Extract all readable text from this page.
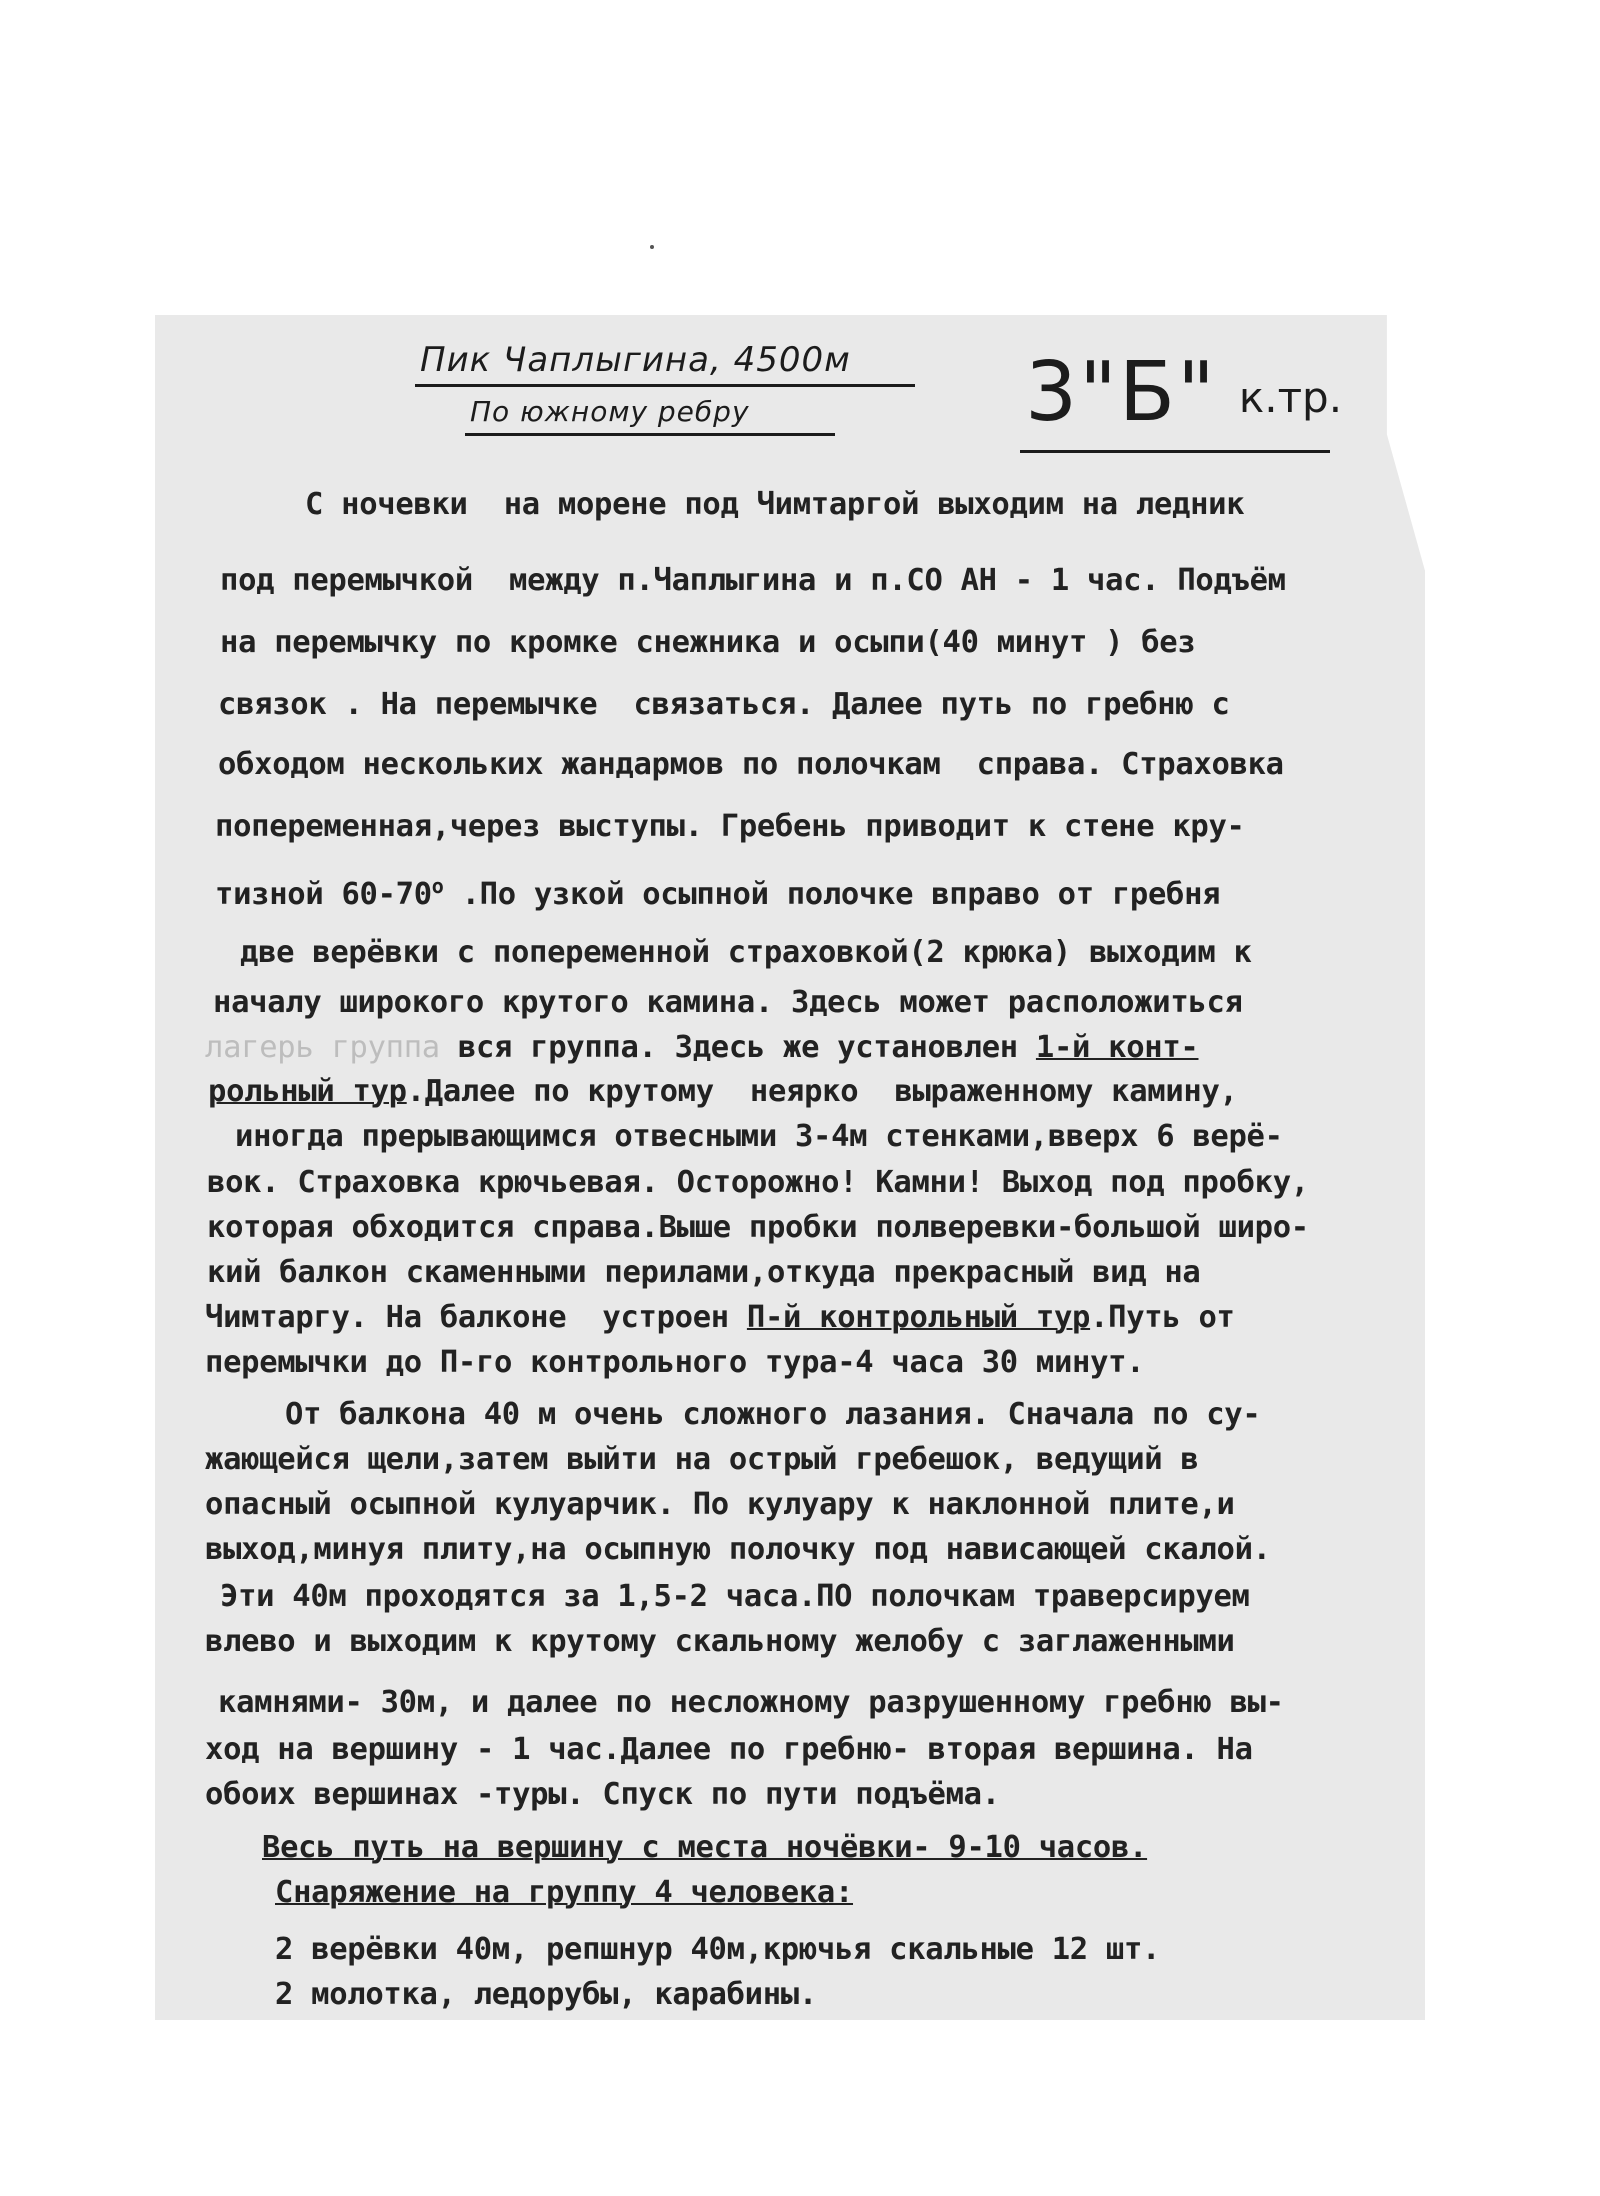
Пик Чаплыгина, 4500м
По южному ребру	3"Б" к.тр.
С ночевки  на морене под Чимтаргой выходим на ледник
под перемычкой  между п.Чаплыгина и п.СО АН - 1 час. Подъём
на перемычку по кромке снежника и осыпи(40 минут ) без
связок . На перемычке  связаться. Далее путь по гребню с
обходом нескольких жандармов по полочкам  справа. Страховка
попеременная,через выступы. Гребень приводит к стене кру-
тизной $60-70^о$ .По узкой осыпной полочке вправо от гребня
две верёвки с попеременной страховкой(2 крюка) выходим к
началу широкого крутого камина. Здесь может расположиться
лагерь группа вся группа. Здесь же установлен 1-й конт-
рольный тур.Далее по крутому  неярко  выраженному камину,
иногда прерывающимся отвесными 3-4м стенками,вверх 6 верё-
вок. Страховка крючьевая. Осторожно! Камни! Выход под пробку,
которая обходится справа.Выше пробки полверевки-большой широ-
кий балкон скаменными перилами,откуда прекрасный вид на
Чимтаргу. На балконе  устроен П-й контрольный тур.Путь от
перемычки до П-го контрольного тура-4 часа 30 минут.
От балкона 40 м очень сложного лазания. Сначала по су-
жающейся щели,затем выйти на острый гребешок, ведущий в
опасный осыпной кулуарчик. По кулуару к наклонной плите,и
выход,минуя плиту,на осыпную полочку под нависающей скалой.
Эти 40м проходятся за 1,5-2 часа.ПО полочкам траверсируем
влево и выходим к крутому скальному желобу с заглаженными
камнями- 30м, и далее по несложному разрушенному гребню вы-
ход на вершину - 1 час.Далее по гребню- вторая вершина. На
обоих вершинах -туры. Спуск по пути подъёма.
Весь путь на вершину с места ночёвки- 9-10 часов.
Снаряжение на группу 4 человека:
2 верёвки 40м, репшнур 40м,крючья скальные 12 шт.
2 молотка, ледорубы, карабины.
